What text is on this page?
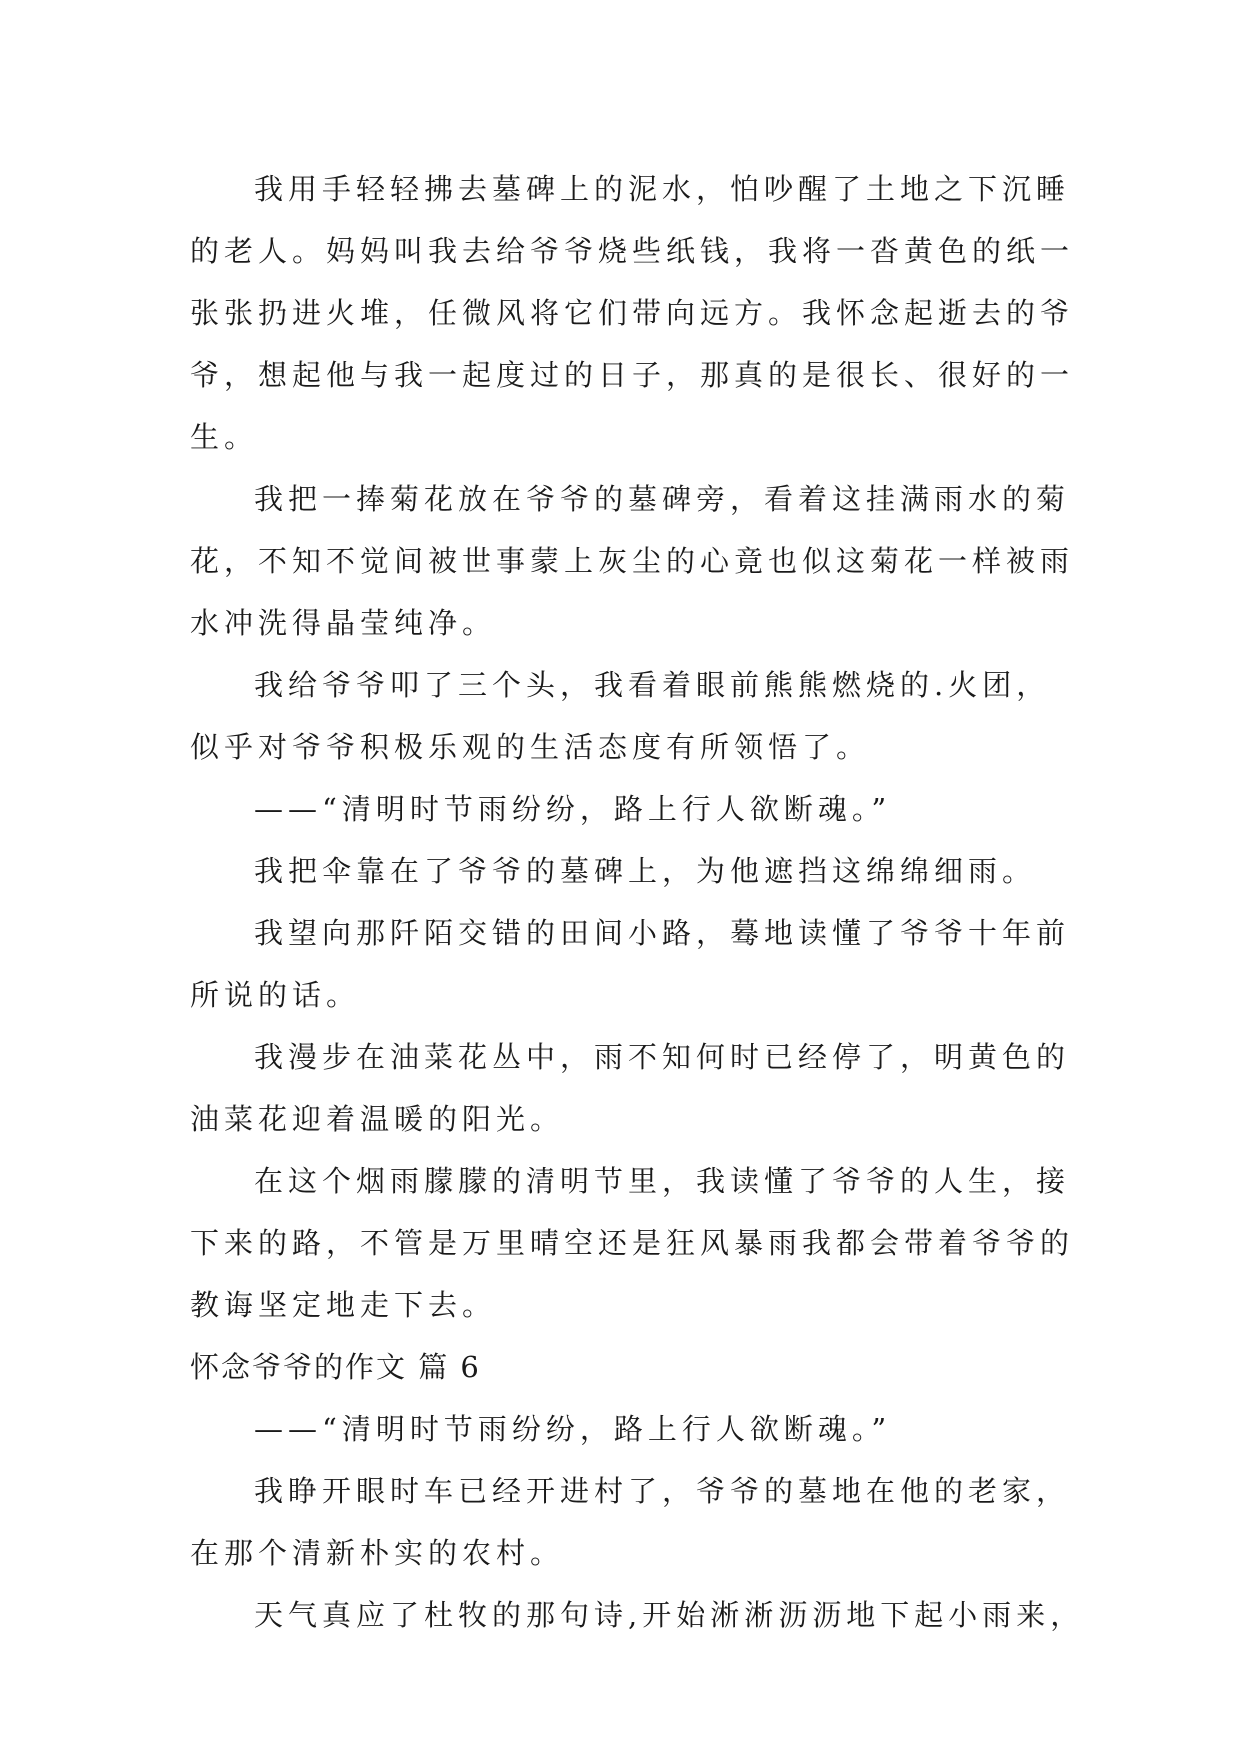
我用手轻轻拂去墓碑上的泥水，怕吵醒了土地之下沉睡
的老人。妈妈叫我去给爷爷烧些纸钱，我将一沓黄色的纸一
张张扔进火堆，任微风将它们带向远方。我怀念起逝去的爷
爷，想起他与我一起度过的日子，那真的是很长、很好的一
生。
我把一捧菊花放在爷爷的墓碑旁，看着这挂满雨水的菊
花，不知不觉间被世事蒙上灰尘的心竟也似这菊花一样被雨
水冲洗得晶莹纯净。
我给爷爷叩了三个头，我看着眼前熊熊燃烧的.火团，
似乎对爷爷积极乐观的生活态度有所领悟了。
——“清明时节雨纷纷，路上行人欲断魂。”
我把伞靠在了爷爷的墓碑上，为他遮挡这绵绵细雨。
我望向那阡陌交错的田间小路，蓦地读懂了爷爷十年前
所说的话。
我漫步在油菜花丛中，雨不知何时已经停了，明黄色的
油菜花迎着温暖的阳光。
在这个烟雨朦朦的清明节里，我读懂了爷爷的人生，接
下来的路，不管是万里晴空还是狂风暴雨我都会带着爷爷的
教诲坚定地走下去。
怀念爷爷的作文 篇 6
——“清明时节雨纷纷，路上行人欲断魂。”
我睁开眼时车已经开进村了，爷爷的墓地在他的老家，
在那个清新朴实的农村。
天气真应了杜牧的那句诗,开始淅淅沥沥地下起小雨来，
